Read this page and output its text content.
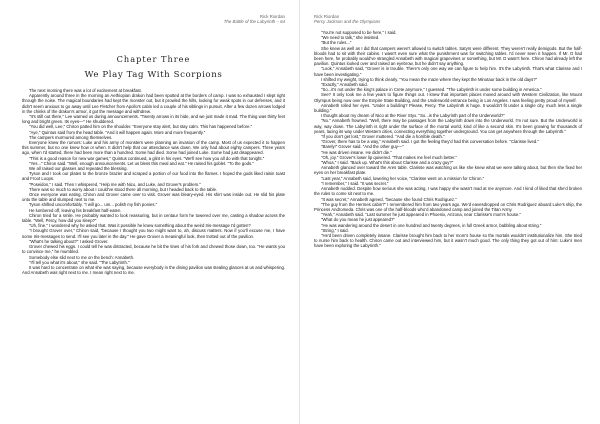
Rick Riordan
The Battle of the Labyrinth – 64
Chapter Three
We Play Tag With Scorpions

The next morning there was a lot of excitement at breakfast.

Apparently around three in the morning an Aethiopian drakon had been spotted at the borders of camp. I was so exhausted I slept right through the noise. The magical boundaries had kept the monster out, but it prowled the hills, looking for weak spots in our defenses, and it didn't seem anxious to go away until Lee Fletcher from Apollo's cabin led a couple of his siblings in pursuit. After a few dozen arrows lodged in the chinks of the drakon's armor, it got the message and withdrew.

"It's still out there," Lee warned us during announcements. "Twenty arrows in its hide, and we just made it mad. The thing was thirty feet long and bright green. Its eyes—" He shuddered.

"You did well, Lee," Chiron patted him on the shoulder. "Everyone stay alert, but stay calm. This has happened before."

"Aye," Quintus said from the head table. "And it will happen again. More and more frequently."

The campers murmured among themselves.

Everyone knew the rumors: Luke and his army of monsters were planning an invasion of the camp. Most of us expected it to happen this summer, but no one knew how or when. It didn't help that our attendance was down. We only had about eighty campers. Three years ago, when I'd started, there had been more than a hundred. Some had died. Some had joined Luke. Some had just disappeared.

"This is a good reason for new war games," Quintus continued, a glint in his eyes. "We'll see how you all do with that tonight."

"Yes..." Chiron said. "Well, enough announcements. Let us bless this meal and eat." He raised his goblet. "To the gods."

We all raised our glasses and repeated the blessing.

Tyson and I took our plates to the bronze brazier and scraped a portion of our food into the flames. I hoped the gods liked raisin toast and Froot Loops.

"Poseidon," I said. Then I whispered, "Help me with Nico, and Luke, and Grover's problem."

There was so much to worry about I could've stood there all morning, but I headed back to the table.

Once everyone was eating, Chiron and Grover came over to visit. Grover was bleary-eyed. His shirt was inside out. He slid his plate onto the table and slumped next to me.

Tyson shifted uncomfortably. "I will go... um... polish my fish ponies."

He lumbered off, leaving his breakfast half-eaten.

Chiron tried for a smile. He probably wanted to look reassuring, but in centaur form he towered over me, casting a shadow across the table. "Well, Percy, how did you sleep?"

"Uh, fine." I wondered why he asked that. Was it possible he knew something about the weird Iris-message I'd gotten?

"I brought Grover over," Chiron said, "because I thought you two might want to, ah, discuss matters. Now if you'll excuse me, I have some Iris-messages to send. I'll see you later in the day." He gave Grover a meaningful look, then trotted out of the pavilion.

"What's he talking about?" I asked Grover.

Grover chewed his eggs. I could tell he was distracted, because he bit the tines of his fork and chewed those down, too. "He wants you to convince me," he mumbled.

Somebody else slid next to me on the bench: Annabeth.

"I'll tell you what it's about," she said. "The Labyrinth."

It was hard to concentrate on what she was saying, because everybody in the dining pavilion was stealing glances at us and whispering. And Annabeth was right next to me. I mean right next to me.

Rick Riordan
Percy Jackson and the Olympians

"You're not supposed to be here," I said.

"We need to talk," she insisted.

"But the rules..."

She knew as well as I did that campers weren't allowed to switch tables. Satyrs were different. They weren't really demigods. But the half-bloods had to sit with their cabins. I wasn't even sure what the punishment was for switching tables. I'd never seen it happen. If Mr. D had been here, he probably would've strangled Annabeth with magical grapevines or something, but Mr. D wasn't here. Chiron had already left the pavilion. Quintus looked over and raised an eyebrow, but he didn't say anything.

"Look," Annabeth said, "Grover is in trouble. There's only one way we can figure to help him. It's the Labyrinth. That's what Clarisse and I have been investigating."

I shifted my weight, trying to think clearly. "You mean the maze where they kept the Minotaur back in the old days?"

"Exactly," Annabeth said.

"So...it's not under the king's palace in Crete anymore," I guessed. "The Labyrinth is under some building in America."

See? It only took me a few years to figure things out. I knew that important places moved around with Western Civilization, like Mount Olympus being now over the Empire State Building, and the Underworld entrance being in Los Angeles. I was feeling pretty proud of myself.

Annabeth rolled her eyes. "Under a building? Please, Percy. The Labyrinth is huge. It wouldn't fit under a single city, much less a single building."

I thought about my dream of Nico at the River Styx. "So...is the Labyrinth part of the Underworld?"

"No." Annabeth frowned. "Well, there may be passages from the Labyrinth down into the Underworld. I'm not sure. But the Underworld is way, way down. The Labyrinth is right under the surface of the mortal world, kind of like a second skin. It's been growing for thousands of years, lacing its way under Western cities, connecting everything together underground. You can get anywhere through the Labyrinth."

"If you don't get lost," Grover muttered. "And die a horrible death."

"Grover, there has to be a way," Annabeth said. I got the feeling they'd had this conversation before. "Clarisse lived."

"Barely!" Grover said. "And the other guy—"

"He was driven insane. He didn't die."

"Oh, joy." Grover's lower lip quivered. "That makes me feel much better."

"Whoa," I said. "Back up. What's this about Clarisse and a crazy guy?"

Annabeth glanced over toward the Ares table. Clarisse was watching us like she knew what we were talking about, but then she fixed her eyes on her breakfast plate.

"Last year," Annabeth said, lowering her voice, "Clarisse went on a mission for Chiron."

"I remember," I said. "It was secret."

Annabeth nodded. Despite how serious she was acting, I was happy she wasn't mad at me anymore. And I kind of liked that she'd broken the rules to come sit next to me.

"It was secret," Annabeth agreed, "because she found Chris Rodriguez."

"The guy from the Hermes cabin?" I remembered him from two years ago. We'd eavesdropped on Chris Rodriguez aboard Luke's ship, the Princess Andromeda. Chris was one of the half-bloods who'd abandoned camp and joined the Titan Army.

"Yeah," Annabeth said. "Last summer he just appeared in Phoenix, Arizona, near Clarisse's mom's house."

"What do you mean he just appeared?"

"He was wandering around the desert in one hundred and twenty degrees, in full Greek armor, babbling about string."

"String," I said.

"He'd been driven completely insane. Clarisse brought him back to her mom's house so the mortals wouldn't institutionalize him. She tried to nurse him back to health. Chiron came out and interviewed him, but it wasn't much good. The only thing they got out of him: Luke's men have been exploring the Labyrinth."
